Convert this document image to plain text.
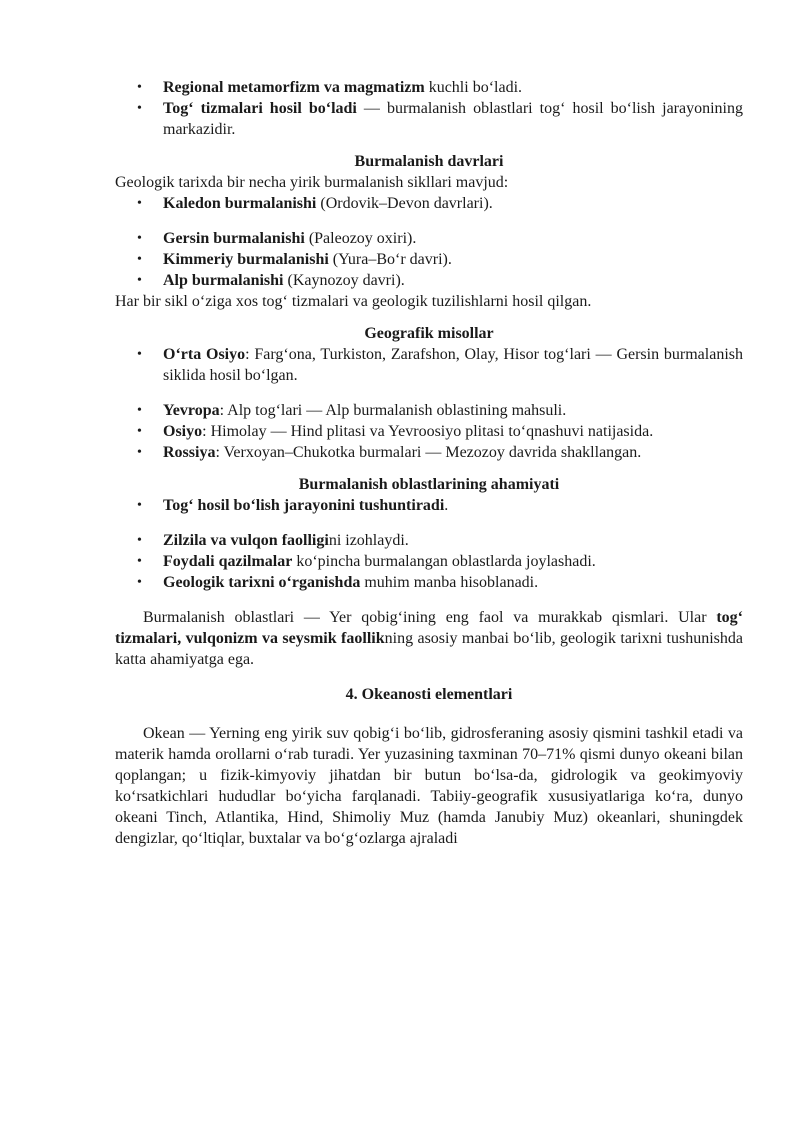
• Regional metamorfizm va magmatizm kuchli bo‘ladi.
• Tog‘ tizmalari hosil bo‘ladi — burmalanish oblastlari tog‘ hosil bo‘lish jarayonining markazidir.
Burmalanish davrlari

Geologik tarixda bir necha yirik burmalanish sikllari mavjud:

• Kaledon burmalanishi (Ordovik–Devon davrlari).
• Gersin burmalanishi (Paleozoy oxiri).
• Kimmeriy burmalanishi (Yura–Bo‘r davri).
• Alp burmalanishi (Kaynozoy davri).

Har bir sikl o‘ziga xos tog‘ tizmalari va geologik tuzilishlarni hosil qilgan.

Geografik misollar
• O‘rta Osiyo: Farg‘ona, Turkiston, Zarafshon, Olay, Hisor tog‘lari — Gersin burmalanish siklida hosil bo‘lgan.
• Yevropa: Alp tog‘lari — Alp burmalanish oblastining mahsuli.
• Osiyo: Himolay — Hind plitasi va Yevroosiyo plitasi to‘qnashuvi natijasida.
• Rossiya: Verxoyan–Chukotka burmalari — Mezozoy davrida shakllangan.
Burmalanish oblastlarining ahamiyati
• Tog‘ hosil bo‘lish jarayonini tushuntiradi.
• Zilzila va vulqon faolligini izohlaydi.
• Foydali qazilmalar ko‘pincha burmalangan oblastlarda joylashadi.
• Geologik tarixni o‘rganishda muhim manba hisoblanadi.

Burmalanish oblastlari — Yer qobig‘ining eng faol va murakkab qismlari. Ular tog‘ tizmalari, vulqonizm va seysmik faollikning asosiy manbai bo‘lib, geologik tarixni tushunishda katta ahamiyatga ega.

4. Okeanosti elementlari

Okean — Yerning eng yirik suv qobig‘i bo‘lib, gidrosferaning asosiy qismini tashkil etadi va materik hamda orollarni o‘rab turadi. Yer yuzasining taxminan 70–71% qismi dunyo okeani bilan qoplangan; u fizik-kimyoviy jihatdan bir butun bo‘lsa-da, gidrologik va geokimyoviy ko‘rsatkichlari hududlar bo‘yicha farqlanadi. Tabiiy-geografik xususiyatlariga ko‘ra, dunyo okeani Tinch, Atlantika, Hind, Shimoliy Muz (hamda Janubiy Muz) okeanlari, shuningdek dengizlar, qo‘ltiqlar, buxtalar va bo‘g‘ozlarga ajraladi
